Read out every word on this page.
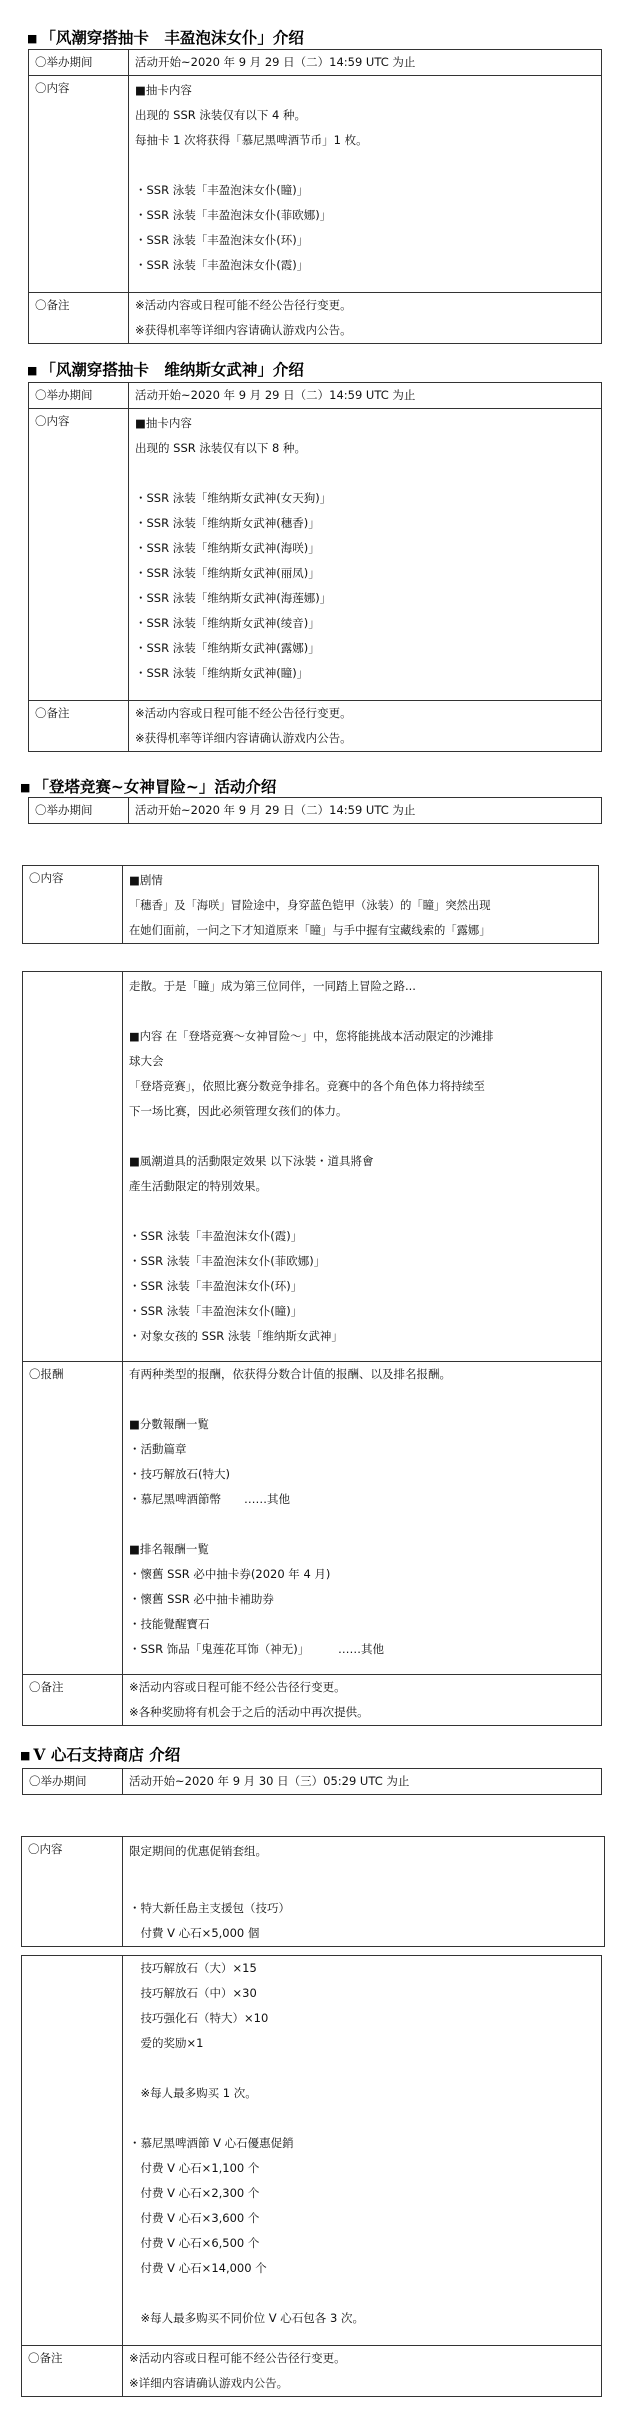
■ 「风潮穿搭抽卡　丰盈泡沫女仆」介绍
〇举办期间	活动开始~2020 年 9 月 29 日（二）14:59 UTC 为止
〇内容	■抽卡内容
出现的 SSR 泳装仅有以下 4 种。
每抽卡 1 次将获得「慕尼黑啤酒节币」1 枚。
・SSR 泳装「丰盈泡沫女仆(瞳)」
・SSR 泳装「丰盈泡沫女仆(菲欧娜)」
・SSR 泳装「丰盈泡沫女仆(环)」
・SSR 泳装「丰盈泡沫女仆(霞)」

〇备注	※活动内容或日程可能不经公告径行变更。
※获得机率等详细内容请确认游戏内公告。
■ 「风潮穿搭抽卡　维纳斯女武神」介绍
〇举办期间	活动开始~2020 年 9 月 29 日（二）14:59 UTC 为止
〇内容	■抽卡内容
出现的 SSR 泳装仅有以下 8 种。
・SSR 泳装「维纳斯女武神(女天狗)」
・SSR 泳装「维纳斯女武神(穗香)」
・SSR 泳装「维纳斯女武神(海咲)」
・SSR 泳装「维纳斯女武神(丽凤)」
・SSR 泳装「维纳斯女武神(海莲娜)」
・SSR 泳装「维纳斯女武神(绫音)」
・SSR 泳装「维纳斯女武神(露娜)」
・SSR 泳装「维纳斯女武神(瞳)」

〇备注	※活动内容或日程可能不经公告径行变更。
※获得机率等详细内容请确认游戏内公告。
■ 「登塔竞赛~女神冒险~」活动介绍
〇举办期间	活动开始~2020 年 9 月 29 日（二）14:59 UTC 为止
〇内容	■剧情
「穗香」及「海咲」冒险途中，身穿蓝色铠甲（泳装）的「瞳」突然出现
在她们面前，一问之下才知道原来「瞳」与手中握有宝藏线索的「露娜」

走散。于是「瞳」成为第三位同伴，一同踏上冒险之路...
■内容 在「登塔竞赛～女神冒险～」中，您将能挑战本活动限定的沙滩排
球大会
「登塔竞赛」，依照比赛分数竞争排名。竞赛中的各个角色体力将持续至
下一场比赛，因此必须管理女孩们的体力。
■風潮道具的活動限定效果 以下泳裝・道具將會
產生活動限定的特別效果。
・SSR 泳装「丰盈泡沫女仆(霞)」
・SSR 泳装「丰盈泡沫女仆(菲欧娜)」
・SSR 泳装「丰盈泡沫女仆(环)」
・SSR 泳装「丰盈泡沫女仆(瞳)」
・对象女孩的 SSR 泳装「维纳斯女武神」

〇报酬	有两种类型的报酬，依获得分数合计值的报酬、以及排名报酬。
■分數報酬一覧
・活動篇章
・技巧解放石(特大)
・慕尼黑啤酒節幣　　……其他
■排名報酬一覧
・懷舊 SSR 必中抽卡券(2020 年 4 月)
・懷舊 SSR 必中抽卡補助券
・技能覺醒寶石
・SSR 饰品「鬼莲花耳饰（神无)」　　　……其他

〇备注	※活动内容或日程可能不经公告径行变更。
※各种奖励将有机会于之后的活动中再次提供。
■ V 心石支持商店 介绍
〇举办期间	活动开始~2020 年 9 月 30 日（三）05:29 UTC 为止
〇内容	限定期间的优惠促销套组。
・特大新任島主支援包（技巧）
　付費 V 心石×5,000 個

　技巧解放石（大）×15
　技巧解放石（中）×30
　技巧强化石（特大）×10
　爱的奖励×1
　※每人最多购买 1 次。
・慕尼黑啤酒節 V 心石優惠促銷
　付费 V 心石×1,100 个
　付费 V 心石×2,300 个
　付费 V 心石×3,600 个
　付费 V 心石×6,500 个
　付费 V 心石×14,000 个
　※每人最多购买不同价位 V 心石包各 3 次。

〇备注	※活动内容或日程可能不经公告径行变更。
※详细内容请确认游戏内公告。
